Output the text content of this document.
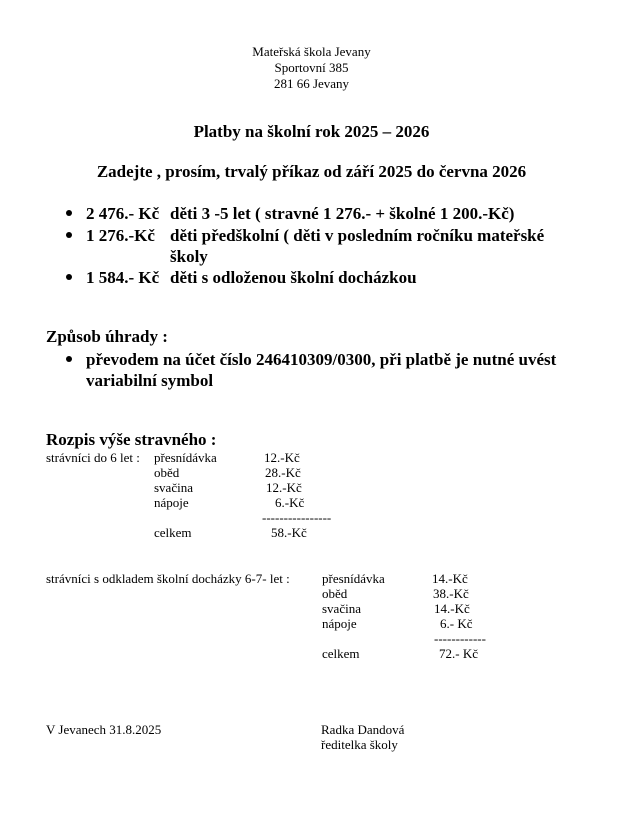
Mateřská škola Jevany
Sportovní 385
281 66 Jevany
Platby na školní rok 2025 – 2026
Zadejte , prosím, trvalý příkaz od září 2025 do června 2026
2 476.- Kč děti 3 -5 let ( stravné 1 276.- + školné 1 200.-Kč)
1 276.-Kč děti předškolní ( děti v posledním ročníku mateřské
školy
1 584.- Kč děti s odloženou školní docházkou
Způsob úhrady :
převodem na účet číslo 246410309/0300, při platbě je nutné uvést
variabilní symbol
Rozpis výše stravného :
strávníci do 6 let : přesnídávka	12.-Kč
oběd	28.-Kč
svačina	12.-Kč
nápoje	6.-Kč
----------------
celkem	58.-Kč
strávníci s odkladem školní docházky 6-7- let : přesnídávka	14.-Kč
oběd	38.-Kč
svačina	14.-Kč
nápoje	6.- Kč
------------
celkem	72.- Kč
V Jevanech 31.8.2025	Radka Dandová
ředitelka školy
